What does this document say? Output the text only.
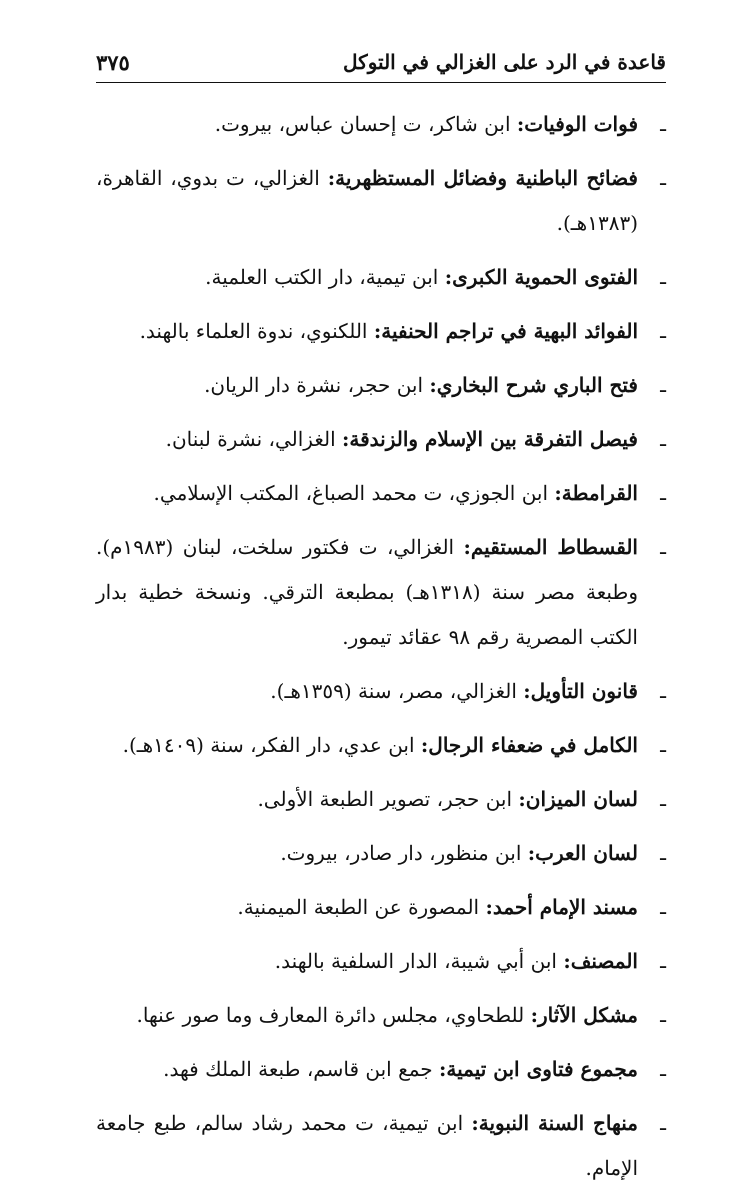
قاعدة في الرد على الغزالي في التوكل
٣٧٥
ـ
فوات الوفيات: ابن شاكر، ت إحسان عباس، بيروت.
ـ
فضائح الباطنية وفضائل المستظهرية: الغزالي، ت بدوي، القاهرة، (١٣٨٣هـ).
ـ
الفتوى الحموية الكبرى: ابن تيمية، دار الكتب العلمية.
ـ
الفوائد البهية في تراجم الحنفية: اللكنوي، ندوة العلماء بالهند.
ـ
فتح الباري شرح البخاري: ابن حجر، نشرة دار الريان.
ـ
فيصل التفرقة بين الإسلام والزندقة: الغزالي، نشرة لبنان.
ـ
القرامطة: ابن الجوزي، ت محمد الصباغ، المكتب الإسلامي.
ـ
القسطاط المستقيم: الغزالي، ت فكتور سلخت، لبنان (١٩٨٣م). وطبعة مصر سنة (١٣١٨هـ) بمطبعة الترقي. ونسخة خطية بدار الكتب المصرية رقم ٩٨ عقائد تيمور.
ـ
قانون التأويل: الغزالي، مصر، سنة (١٣٥٩هـ).
ـ
الكامل في ضعفاء الرجال: ابن عدي، دار الفكر، سنة (١٤٠٩هـ).
ـ
لسان الميزان: ابن حجر، تصوير الطبعة الأولى.
ـ
لسان العرب: ابن منظور، دار صادر، بيروت.
ـ
مسند الإمام أحمد: المصورة عن الطبعة الميمنية.
ـ
المصنف: ابن أبي شيبة، الدار السلفية بالهند.
ـ
مشكل الآثار: للطحاوي، مجلس دائرة المعارف وما صور عنها.
ـ
مجموع فتاوى ابن تيمية: جمع ابن قاسم، طبعة الملك فهد.
ـ
منهاج السنة النبوية: ابن تيمية، ت محمد رشاد سالم، طبع جامعة الإمام.
